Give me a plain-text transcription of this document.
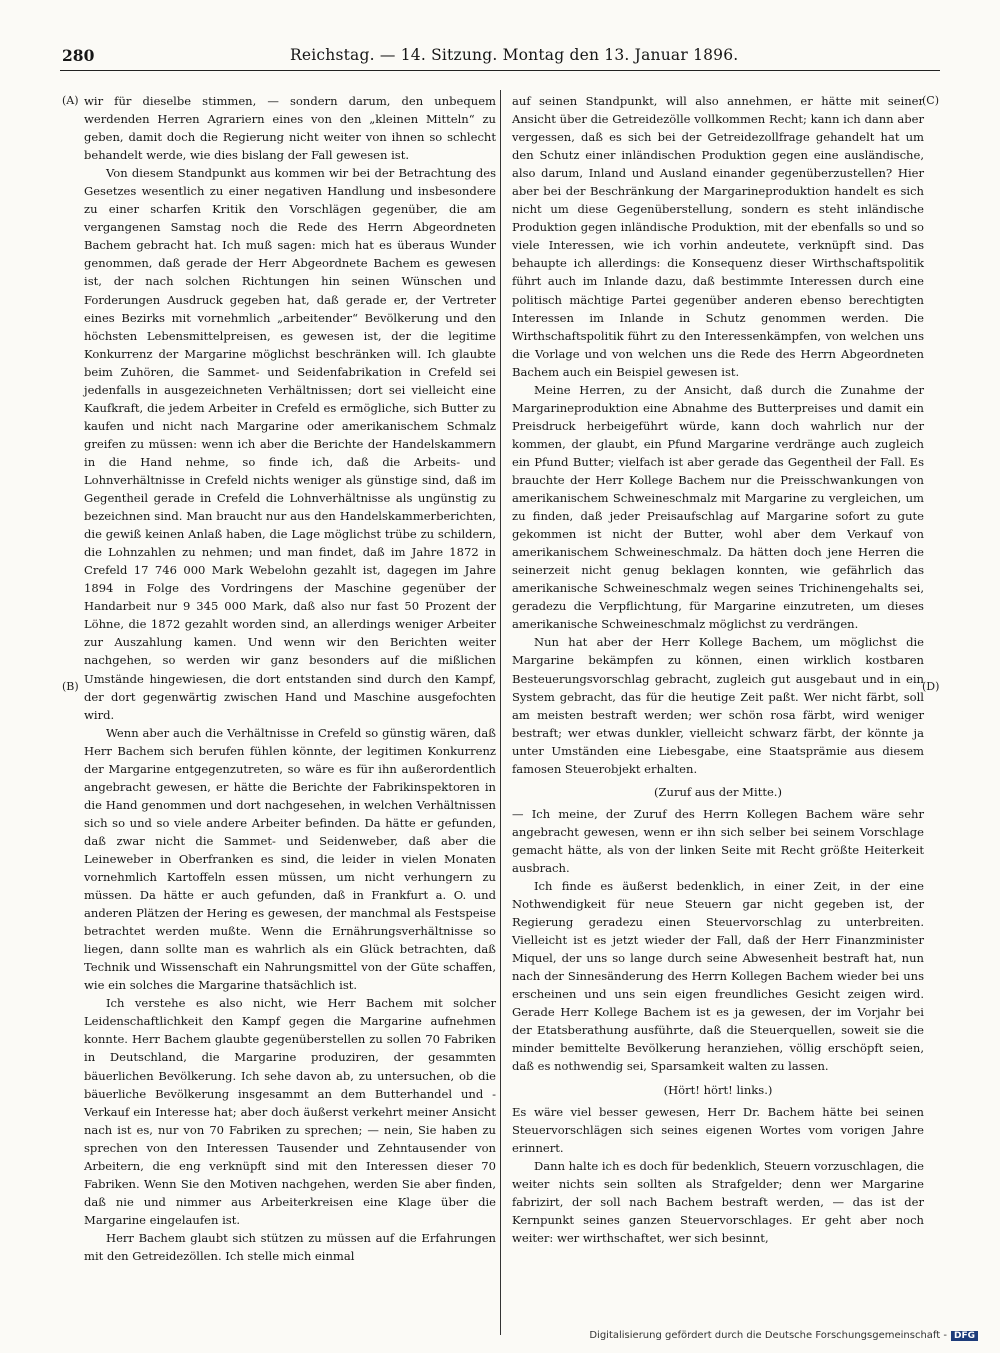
280	Reichstag. — 14. Sitzung. Montag den 13. Januar 1896.
(A)
(B)
(C)
(D)

wir für dieselbe stimmen, — sondern darum, den unbequem werdenden Herren Agrariern eines von den „kleinen Mitteln“ zu geben, damit doch die Regierung nicht weiter von ihnen so schlecht behandelt werde, wie dies bislang der Fall gewesen ist.

Von diesem Standpunkt aus kommen wir bei der Betrachtung des Gesetzes wesentlich zu einer negativen Handlung und insbesondere zu einer scharfen Kritik den Vorschlägen gegenüber, die am vergangenen Samstag noch die Rede des Herrn Abgeordneten Bachem gebracht hat. Ich muß sagen: mich hat es überaus Wunder genommen, daß gerade der Herr Abgeordnete Bachem es gewesen ist, der nach solchen Richtungen hin seinen Wünschen und Forderungen Ausdruck gegeben hat, daß gerade er, der Vertreter eines Bezirks mit vornehmlich „arbeitender“ Bevölkerung und den höchsten Lebensmittelpreisen, es gewesen ist, der die legitime Konkurrenz der Margarine möglichst beschränken will. Ich glaubte beim Zuhören, die Sammet- und Seidenfabrikation in Crefeld sei jedenfalls in ausgezeichneten Verhältnissen; dort sei vielleicht eine Kaufkraft, die jedem Arbeiter in Crefeld es ermögliche, sich Butter zu kaufen und nicht nach Margarine oder amerikanischem Schmalz greifen zu müssen: wenn ich aber die Berichte der Handelskammern in die Hand nehme, so finde ich, daß die Arbeits- und Lohnverhältnisse in Crefeld nichts weniger als günstige sind, daß im Gegentheil gerade in Crefeld die Lohnverhältnisse als ungünstig zu bezeichnen sind. Man braucht nur aus den Handelskammerberichten, die gewiß keinen Anlaß haben, die Lage möglichst trübe zu schildern, die Lohnzahlen zu nehmen; und man findet, daß im Jahre 1872 in Crefeld 17 746 000 Mark Webelohn gezahlt ist, dagegen im Jahre 1894 in Folge des Vordringens der Maschine gegenüber der Handarbeit nur 9 345 000 Mark, daß also nur fast 50 Prozent der Löhne, die 1872 gezahlt worden sind, an allerdings weniger Arbeiter zur Auszahlung kamen. Und wenn wir den Berichten weiter nachgehen, so werden wir ganz besonders auf die mißlichen Umstände hingewiesen, die dort entstanden sind durch den Kampf, der dort gegenwärtig zwischen Hand und Maschine ausgefochten wird.

Wenn aber auch die Verhältnisse in Crefeld so günstig wären, daß Herr Bachem sich berufen fühlen könnte, der legitimen Konkurrenz der Margarine entgegenzutreten, so wäre es für ihn außerordentlich angebracht gewesen, er hätte die Berichte der Fabrikinspektoren in die Hand genommen und dort nachgesehen, in welchen Verhältnissen sich so und so viele andere Arbeiter befinden. Da hätte er gefunden, daß zwar nicht die Sammet- und Seidenweber, daß aber die Leineweber in Oberfranken es sind, die leider in vielen Monaten vornehmlich Kartoffeln essen müssen, um nicht verhungern zu müssen. Da hätte er auch gefunden, daß in Frankfurt a. O. und anderen Plätzen der Hering es gewesen, der manchmal als Festspeise betrachtet werden mußte. Wenn die Ernährungsverhältnisse so liegen, dann sollte man es wahrlich als ein Glück betrachten, daß Technik und Wissenschaft ein Nahrungsmittel von der Güte schaffen, wie ein solches die Margarine thatsächlich ist.

Ich verstehe es also nicht, wie Herr Bachem mit solcher Leidenschaftlichkeit den Kampf gegen die Margarine aufnehmen konnte. Herr Bachem glaubte gegenüberstellen zu sollen 70 Fabriken in Deutschland, die Margarine produziren, der gesammten bäuerlichen Bevölkerung. Ich sehe davon ab, zu untersuchen, ob die bäuerliche Bevölkerung insgesammt an dem Butterhandel und -Verkauf ein Interesse hat; aber doch äußerst verkehrt meiner Ansicht nach ist es, nur von 70 Fabriken zu sprechen; — nein, Sie haben zu sprechen von den Interessen Tausender und Zehntausender von Arbeitern, die eng verknüpft sind mit den Interessen dieser 70 Fabriken. Wenn Sie den Motiven nachgehen, werden Sie aber finden, daß nie und nimmer aus Arbeiterkreisen eine Klage über die Margarine eingelaufen ist.

Herr Bachem glaubt sich stützen zu müssen auf die Erfahrungen mit den Getreidezöllen. Ich stelle mich einmal

auf seinen Standpunkt, will also annehmen, er hätte mit seiner Ansicht über die Getreidezölle vollkommen Recht; kann ich dann aber vergessen, daß es sich bei der Getreidezollfrage gehandelt hat um den Schutz einer inländischen Produktion gegen eine ausländische, also darum, Inland und Ausland einander gegenüberzustellen? Hier aber bei der Beschränkung der Margarineproduktion handelt es sich nicht um diese Gegenüberstellung, sondern es steht inländische Produktion gegen inländische Produktion, mit der ebenfalls so und so viele Interessen, wie ich vorhin andeutete, verknüpft sind. Das behaupte ich allerdings: die Konsequenz dieser Wirthschaftspolitik führt auch im Inlande dazu, daß bestimmte Interessen durch eine politisch mächtige Partei gegenüber anderen ebenso berechtigten Interessen im Inlande in Schutz genommen werden. Die Wirthschaftspolitik führt zu den Interessenkämpfen, von welchen uns die Vorlage und von welchen uns die Rede des Herrn Abgeordneten Bachem auch ein Beispiel gewesen ist.

Meine Herren, zu der Ansicht, daß durch die Zunahme der Margarineproduktion eine Abnahme des Butterpreises und damit ein Preisdruck herbeigeführt würde, kann doch wahrlich nur der kommen, der glaubt, ein Pfund Margarine verdränge auch zugleich ein Pfund Butter; vielfach ist aber gerade das Gegentheil der Fall. Es brauchte der Herr Kollege Bachem nur die Preisschwankungen von amerikanischem Schweineschmalz mit Margarine zu vergleichen, um zu finden, daß jeder Preisaufschlag auf Margarine sofort zu gute gekommen ist nicht der Butter, wohl aber dem Verkauf von amerikanischem Schweineschmalz. Da hätten doch jene Herren die seinerzeit nicht genug beklagen konnten, wie gefährlich das amerikanische Schweineschmalz wegen seines Trichinengehalts sei, geradezu die Verpflichtung, für Margarine einzutreten, um dieses amerikanische Schweineschmalz möglichst zu verdrängen.

Nun hat aber der Herr Kollege Bachem, um möglichst die Margarine bekämpfen zu können, einen wirklich kostbaren Besteuerungsvorschlag gebracht, zugleich gut ausgebaut und in ein System gebracht, das für die heutige Zeit paßt. Wer nicht färbt, soll am meisten bestraft werden; wer schön rosa färbt, wird weniger bestraft; wer etwas dunkler, vielleicht schwarz färbt, der könnte ja unter Umständen eine Liebesgabe, eine Staatsprämie aus diesem famosen Steuerobjekt erhalten.

(Zuruf aus der Mitte.)

— Ich meine, der Zuruf des Herrn Kollegen Bachem wäre sehr angebracht gewesen, wenn er ihn sich selber bei seinem Vorschlage gemacht hätte, als von der linken Seite mit Recht größte Heiterkeit ausbrach.

Ich finde es äußerst bedenklich, in einer Zeit, in der eine Nothwendigkeit für neue Steuern gar nicht gegeben ist, der Regierung geradezu einen Steuervorschlag zu unterbreiten. Vielleicht ist es jetzt wieder der Fall, daß der Herr Finanzminister Miquel, der uns so lange durch seine Abwesenheit bestraft hat, nun nach der Sinnesänderung des Herrn Kollegen Bachem wieder bei uns erscheinen und uns sein eigen freundliches Gesicht zeigen wird. Gerade Herr Kollege Bachem ist es ja gewesen, der im Vorjahr bei der Etatsberathung ausführte, daß die Steuerquellen, soweit sie die minder bemittelte Bevölkerung heranziehen, völlig erschöpft seien, daß es nothwendig sei, Sparsamkeit walten zu lassen.

(Hört! hört! links.)

Es wäre viel besser gewesen, Herr Dr. Bachem hätte bei seinen Steuervorschlägen sich seines eigenen Wortes vom vorigen Jahre erinnert.

Dann halte ich es doch für bedenklich, Steuern vorzuschlagen, die weiter nichts sein sollten als Strafgelder; denn wer Margarine fabrizirt, der soll nach Bachem bestraft werden, — das ist der Kernpunkt seines ganzen Steuervorschlages. Er geht aber noch weiter: wer wirthschaftet, wer sich besinnt,

Digitalisierung gefördert durch die Deutsche Forschungsgemeinschaft - DFG
